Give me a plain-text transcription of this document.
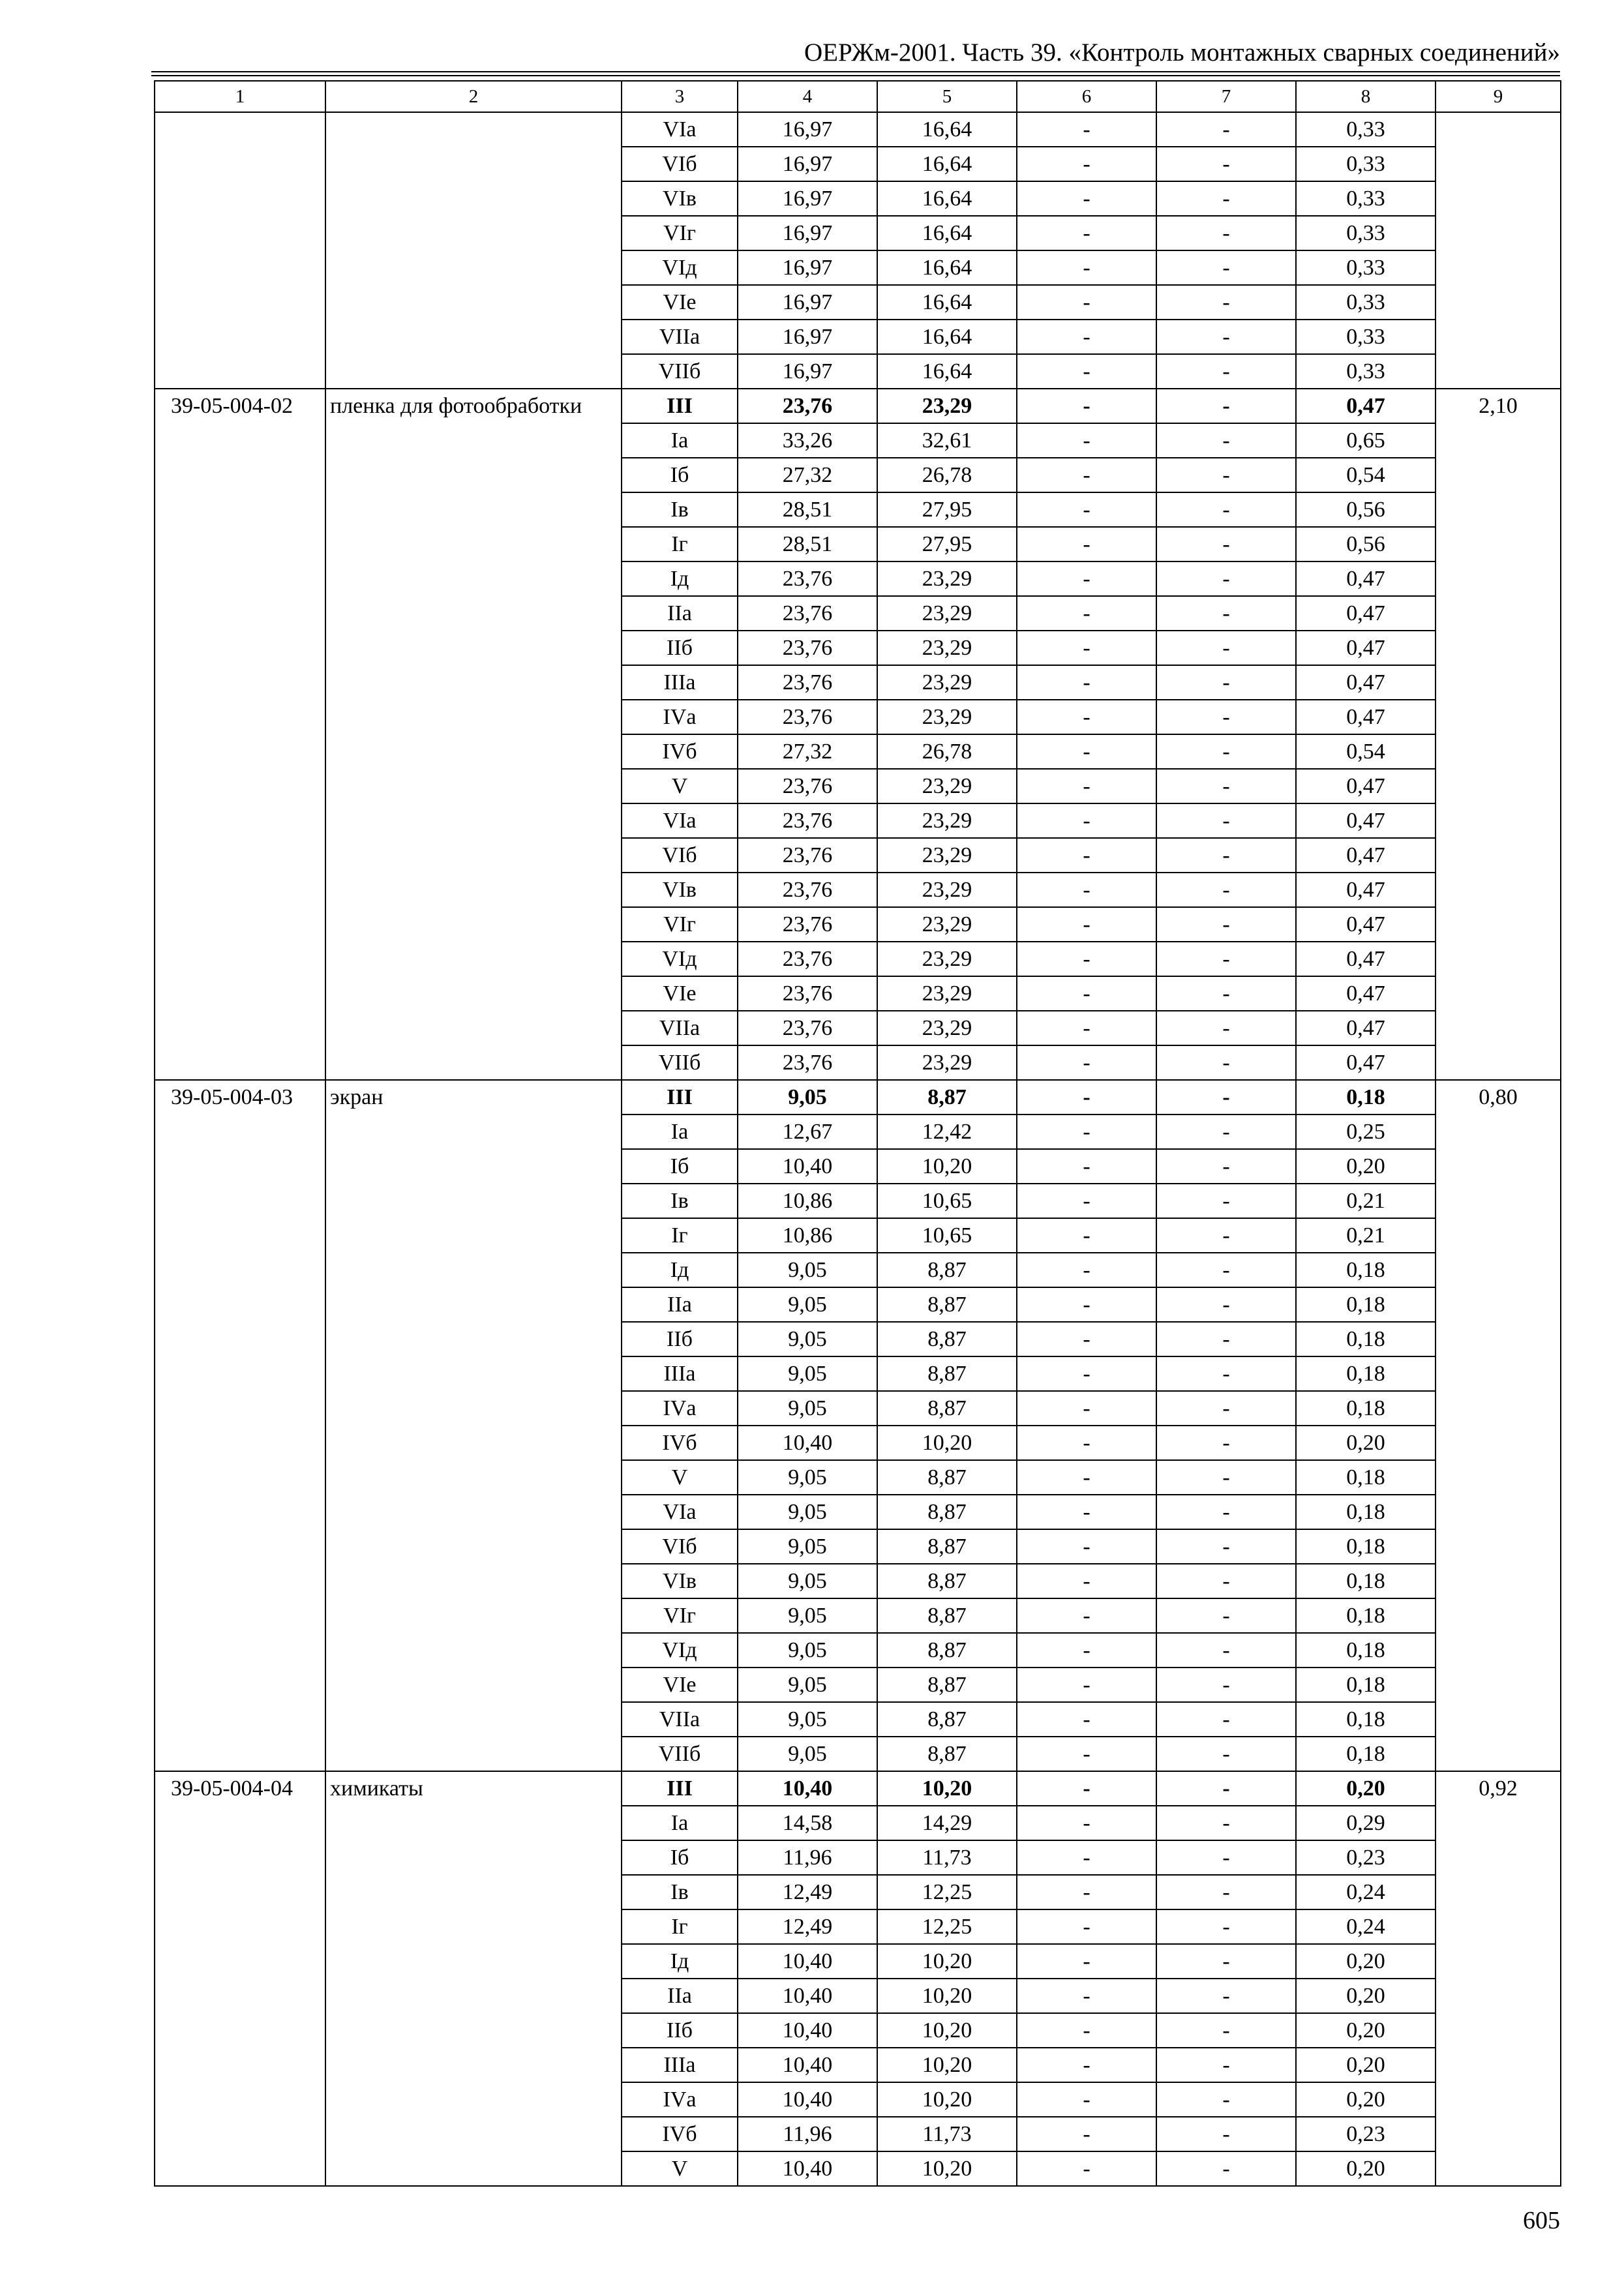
ОЕРЖм-2001. Часть 39. «Контроль монтажных сварных соединений»
1	2	3	4	5	6	7	8	9
		VIа	16,97	16,64	-	-	0,33	
		VIб	16,97	16,64	-	-	0,33	
		VIв	16,97	16,64	-	-	0,33	
		VIг	16,97	16,64	-	-	0,33	
		VIд	16,97	16,64	-	-	0,33	
		VIе	16,97	16,64	-	-	0,33	
		VIIа	16,97	16,64	-	-	0,33	
		VIIб	16,97	16,64	-	-	0,33	
39-05-004-02	пленка для фотообработки	III	23,76	23,29	-	-	0,47	2,10
		Iа	33,26	32,61	-	-	0,65	
		Iб	27,32	26,78	-	-	0,54	
		Iв	28,51	27,95	-	-	0,56	
		Iг	28,51	27,95	-	-	0,56	
		Iд	23,76	23,29	-	-	0,47	
		IIа	23,76	23,29	-	-	0,47	
		IIб	23,76	23,29	-	-	0,47	
		IIIа	23,76	23,29	-	-	0,47	
		IVа	23,76	23,29	-	-	0,47	
		IVб	27,32	26,78	-	-	0,54	
		V	23,76	23,29	-	-	0,47	
		VIа	23,76	23,29	-	-	0,47	
		VIб	23,76	23,29	-	-	0,47	
		VIв	23,76	23,29	-	-	0,47	
		VIг	23,76	23,29	-	-	0,47	
		VIд	23,76	23,29	-	-	0,47	
		VIе	23,76	23,29	-	-	0,47	
		VIIа	23,76	23,29	-	-	0,47	
		VIIб	23,76	23,29	-	-	0,47	
39-05-004-03	экран	III	9,05	8,87	-	-	0,18	0,80
		Iа	12,67	12,42	-	-	0,25	
		Iб	10,40	10,20	-	-	0,20	
		Iв	10,86	10,65	-	-	0,21	
		Iг	10,86	10,65	-	-	0,21	
		Iд	9,05	8,87	-	-	0,18	
		IIа	9,05	8,87	-	-	0,18	
		IIб	9,05	8,87	-	-	0,18	
		IIIа	9,05	8,87	-	-	0,18	
		IVа	9,05	8,87	-	-	0,18	
		IVб	10,40	10,20	-	-	0,20	
		V	9,05	8,87	-	-	0,18	
		VIа	9,05	8,87	-	-	0,18	
		VIб	9,05	8,87	-	-	0,18	
		VIв	9,05	8,87	-	-	0,18	
		VIг	9,05	8,87	-	-	0,18	
		VIд	9,05	8,87	-	-	0,18	
		VIе	9,05	8,87	-	-	0,18	
		VIIа	9,05	8,87	-	-	0,18	
		VIIб	9,05	8,87	-	-	0,18	
39-05-004-04	химикаты	III	10,40	10,20	-	-	0,20	0,92
		Iа	14,58	14,29	-	-	0,29	
		Iб	11,96	11,73	-	-	0,23	
		Iв	12,49	12,25	-	-	0,24	
		Iг	12,49	12,25	-	-	0,24	
		Iд	10,40	10,20	-	-	0,20	
		IIа	10,40	10,20	-	-	0,20	
		IIб	10,40	10,20	-	-	0,20	
		IIIа	10,40	10,20	-	-	0,20	
		IVа	10,40	10,20	-	-	0,20	
		IVб	11,96	11,73	-	-	0,23	
		V	10,40	10,20	-	-	0,20	
605
